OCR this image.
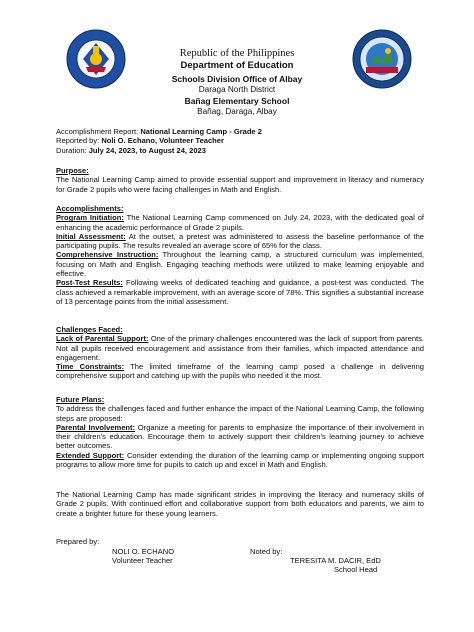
Republic of the Philippines
Department of Education
Schools Division Office of Albay
Daraga North District
Bañag Elementary School
Bañag, Daraga, Albay
Accomplishment Report: National Learning Camp - Grade 2
Reported by: Noli O. Echano, Volunteer Teacher
Duration: July 24, 2023, to August 24, 2023
Purpose:

The National Learning Camp aimed to provide essential support and improvement in literacy and numeracy for Grade 2 pupils who were facing challenges in Math and English.

Accomplishments:

Program Initiation: The National Learning Camp commenced on July 24, 2023, with the dedicated goal of enhancing the academic performance of Grade 2 pupils.

Initial Assessment: At the outset, a pretest was administered to assess the baseline performance of the participating pupils. The results revealed an average score of 65% for the class.

Comprehensive Instruction: Throughout the learning camp, a structured curriculum was implemented, focusing on Math and English. Engaging teaching methods were utilized to make learning enjoyable and effective.

Post-Test Results: Following weeks of dedicated teaching and guidance, a post-test was conducted. The class achieved a remarkable improvement, with an average score of 78%. This signifies a substantial increase of 13 percentage points from the initial assessment.

Challenges Faced:

Lack of Parental Support: One of the primary challenges encountered was the lack of support from parents. Not all pupils received encouragement and assistance from their families, which impacted attendance and engagement.

Time Constraints: The limited timeframe of the learning camp posed a challenge in delivering comprehensive support and catching up with the pupils who needed it the most.

Future Plans:

To address the challenges faced and further enhance the impact of the National Learning Camp, the following steps are proposed:

Parental Involvement: Organize a meeting for parents to emphasize the importance of their involvement in their children's education. Encourage them to actively support their children's learning journey to achieve better outcomes.

Extended Support: Consider extending the duration of the learning camp or implementing ongoing support programs to allow more time for pupils to catch up and excel in Math and English.

The National Learning Camp has made significant strides in improving the literacy and numeracy skills of Grade 2 pupils. With continued effort and collaborative support from both educators and parents, we aim to create a brighter future for these young learners.

Prepared by:
NOLI O. ECHANO
Volunteer Teacher
Noted by:
TERESITA M. DACIR, EdD
School Head
